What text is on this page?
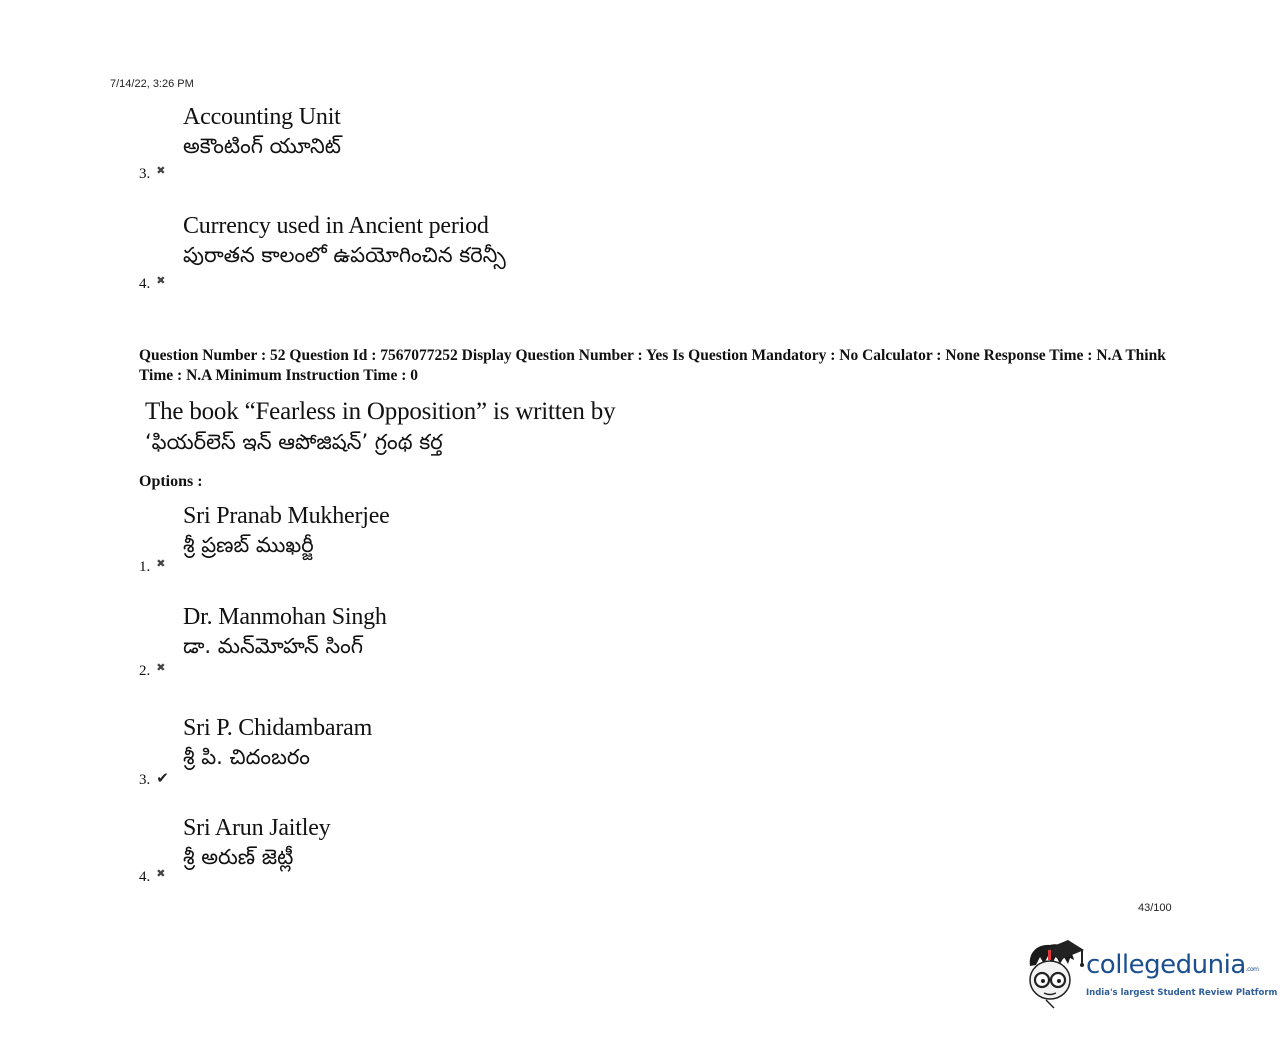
7/14/22, 3:26 PM
Accounting Unit
అకౌంటింగ్ యూనిట్
3. ✖
Currency used in Ancient period
పురాతన కాలంలో ఉపయోగించిన కరెన్సీ
4. ✖
Question Number : 52 Question Id : 7567077252 Display Question Number : Yes Is Question Mandatory : No Calculator : None Response Time : N.A Think Time : N.A Minimum Instruction Time : 0
The book “Fearless in Opposition” is written by
‘ఫియర్‌లెస్ ఇన్ ఆపోజిషన్’ గ్రంథ కర్త
Options :
Sri Pranab Mukherjee
శ్రీ ప్రణబ్ ముఖర్జీ
1. ✖
Dr. Manmohan Singh
డా. మన్‌మోహన్ సింగ్
2. ✖
Sri P. Chidambaram
శ్రీ పి. చిదంబరం
3. ✔
Sri Arun Jaitley
శ్రీ అరుణ్ జెట్లీ
4. ✖
43/100
collegedunia.com
India's largest Student Review Platform
